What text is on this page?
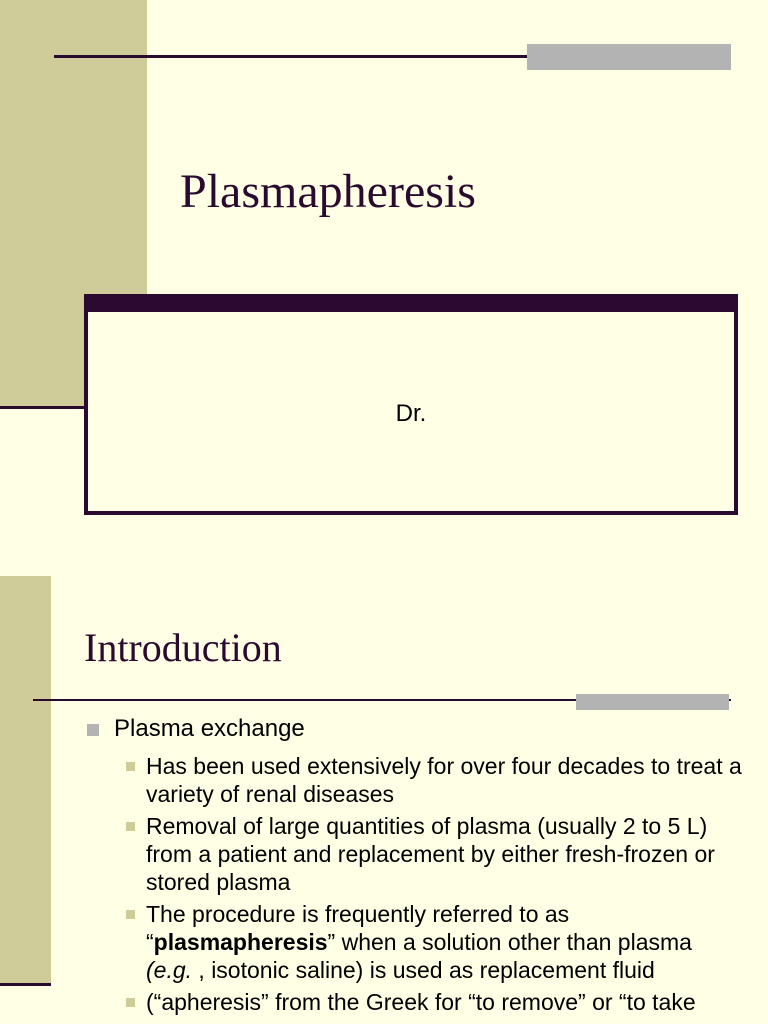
Plasmapheresis
Dr.
Introduction
Plasma exchange
Has been used extensively for over four decades to treat a variety of renal diseases
Removal of large quantities of plasma (usually 2 to 5 L) from a patient and replacement by either fresh-frozen or stored plasma
The procedure is frequently referred to as “plasmapheresis” when a solution other than plasma (e.g. , isotonic saline) is used as replacement fluid
(“apheresis” from the Greek for “to remove” or “to take
